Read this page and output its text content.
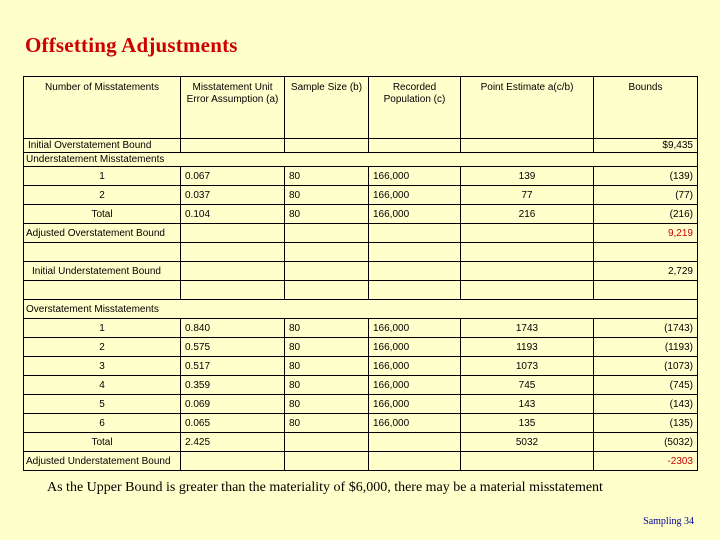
Offsetting Adjustments
Number of Misstatements	Misstatement Unit Error Assumption (a)	Sample Size (b)	Recorded Population (c)	Point Estimate a(c/b)	Bounds
Initial Overstatement Bound					$9,435
Understatement Misstatements					
1	0.067	80	166,000	139	(139)
2	0.037	80	166,000	77	(77)
Total	0.104	80	166,000	216	(216)
Adjusted Overstatement Bound					9,219

Initial Understatement Bound					2,729

Overstatement Misstatements					
1	0.840	80	166,000	1743	(1743)
2	0.575	80	166,000	1193	(1193)
3	0.517	80	166,000	1073	(1073)
4	0.359	80	166,000	745	(745)
5	0.069	80	166,000	143	(143)
6	0.065	80	166,000	135	(135)
Total	2.425			5032	(5032)
Adjusted Understatement Bound					-2303
As the Upper Bound is greater than the materiality of $6,000, there may be a material misstatement
Sampling 34
